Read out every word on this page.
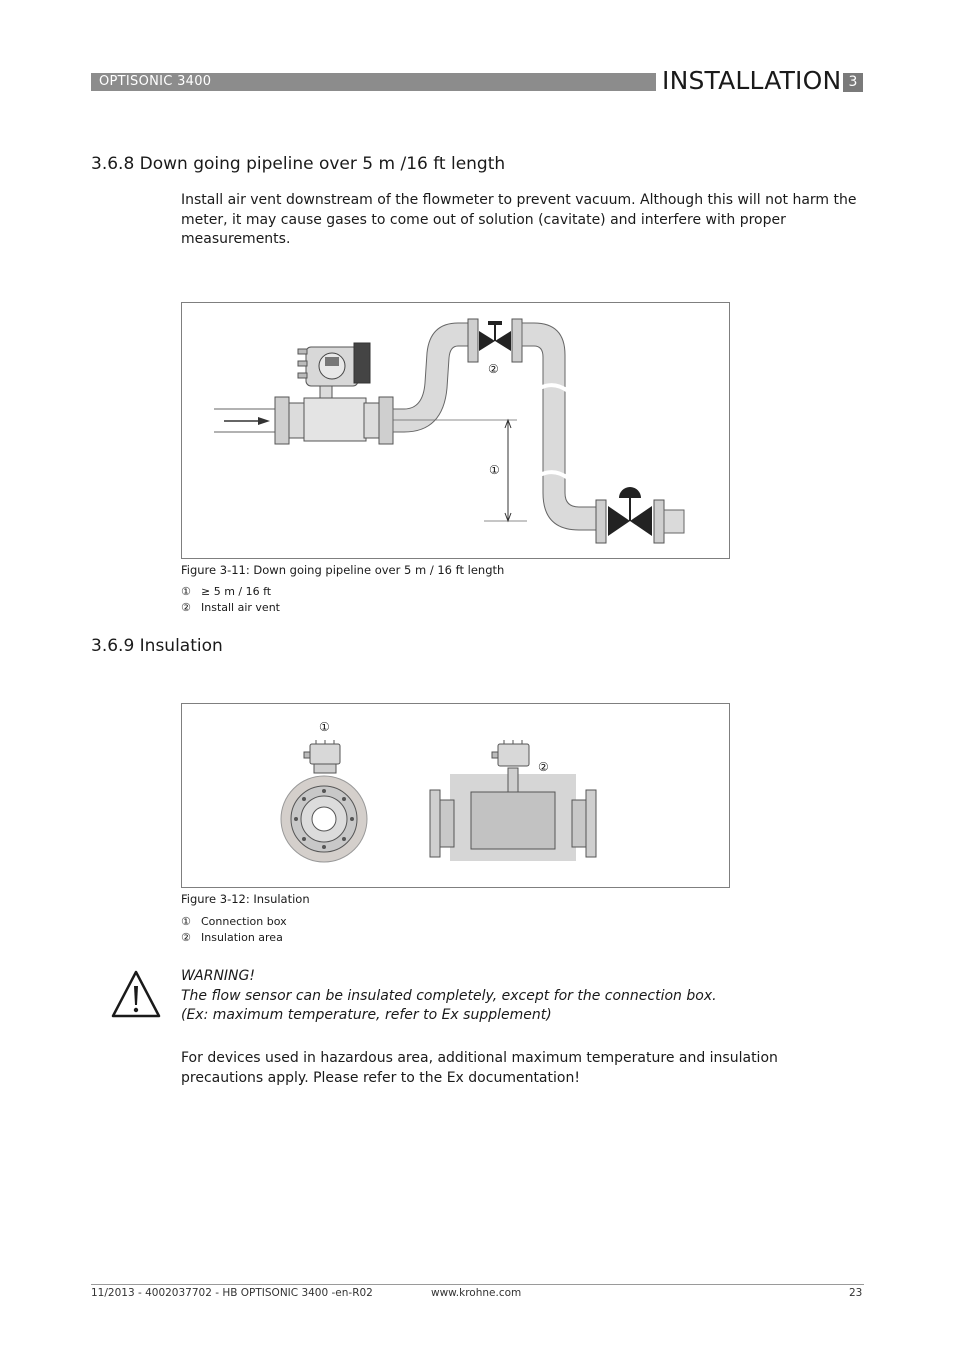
OPTISONIC 3400	INSTALLATION 3
3.6.8 Down going pipeline over 5 m /16 ft length
Install air vent downstream of the flowmeter to prevent vacuum. Although this will not harm the
meter, it may cause gases to come out of solution (cavitate) and interfere with proper
measurements.
②
①
Figure 3-11: Down going pipeline over 5 m / 16 ft length
① ≥ 5 m / 16 ft
② Install air vent
3.6.9 Insulation
①
②
Figure 3-12: Insulation
① Connection box
② Insulation area
WARNING!
The flow sensor can be insulated completely, except for the connection box.
(Ex: maximum temperature, refer to Ex supplement)
For devices used in hazardous area, additional maximum temperature and insulation
precautions apply. Please refer to the Ex documentation!
11/2013 - 4002037702 - HB OPTISONIC 3400 -en-R02	www.krohne.com	23
